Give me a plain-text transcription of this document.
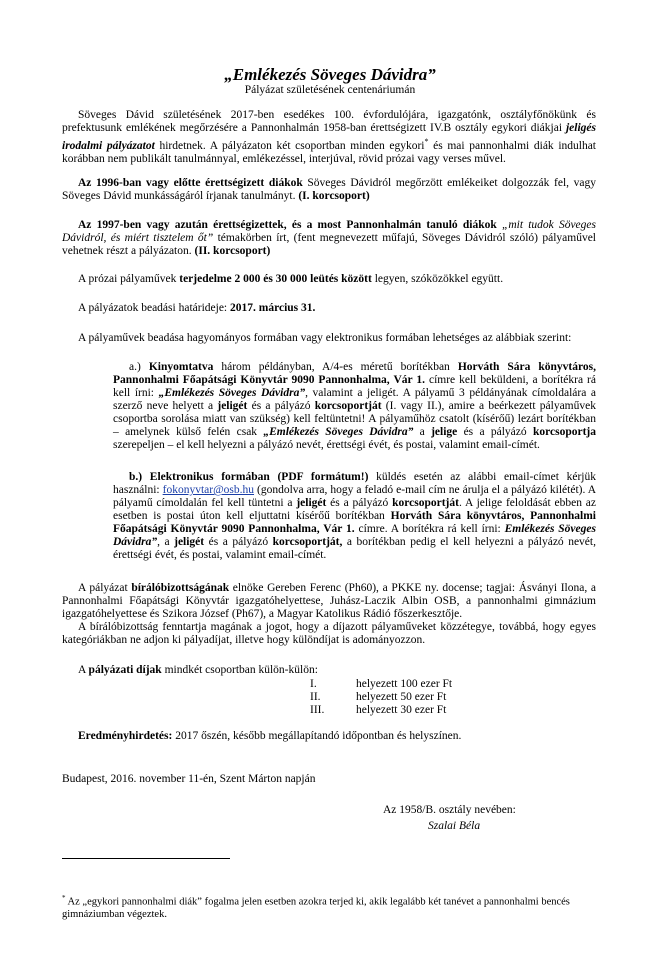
„Emlékezés Söveges Dávidra”
Pályázat születésének centenáriumán

Söveges Dávid születésének 2017-ben esedékes 100. évfordulójára, igazgatónk, osztályfőnökünk és prefektusunk emlékének megőrzésére a Pannonhalmán 1958-ban érettségizett IV.B osztály egykori diákjai jeligés irodalmi pályázatot hirdetnek. A pályázaton két csoportban minden egykori* és mai pannonhalmi diák indulhat korábban nem publikált tanulmánnyal, emlékezéssel, interjúval, rövid prózai vagy verses művel.

Az 1996-ban vagy előtte érettségizett diákok Söveges Dávidról megőrzött emlékeiket dolgozzák fel, vagy Söveges Dávid munkásságáról írjanak tanulmányt. (I. korcsoport)

Az 1997-ben vagy azután érettségizettek, és a most Pannonhalmán tanuló diákok „mit tudok Söveges Dávidról, és miért tisztelem őt” témakörben írt, (fent megnevezett műfajú, Söveges Dávidról szóló) pályaművel vehetnek részt a pályázaton. (II. korcsoport)

A prózai pályaművek terjedelme 2 000 és 30 000 leütés között legyen, szóközökkel együtt.

A pályázatok beadási határideje: 2017. március 31.

A pályaművek beadása hagyományos formában vagy elektronikus formában lehetséges az alábbiak szerint:

a.) Kinyomtatva három példányban, A/4-es méretű borítékban Horváth Sára könyvtáros, Pannonhalmi Főapátsági Könyvtár 9090 Pannonhalma, Vár 1. címre kell beküldeni, a borítékra rá kell írni: „Emlékezés Söveges Dávidra”, valamint a jeligét. A pályamű 3 példányának címoldalára a szerző neve helyett a jeligét és a pályázó korcsoportját (I. vagy II.), amire a beérkezett pályaművek csoportba sorolása miatt van szükség) kell feltüntetni! A pályaműhöz csatolt (kísérőű) lezárt borítékban – amelynek külső felén csak „Emlékezés Söveges Dávidra” a jelige és a pályázó korcsoportja szerepeljen – el kell helyezni a pályázó nevét, érettségi évét, és postai, valamint email-címét.

b.) Elektronikus formában (PDF formátum!) küldés esetén az alábbi email-címet kérjük használni: fokonyvtar@osb.hu (gondolva arra, hogy a feladó e-mail cím ne árulja el a pályázó kilétét). A pályamű címoldalán fel kell tüntetni a jeligét és a pályázó korcsoportját. A jelige feloldását ebben az esetben is postai úton kell eljuttatni kísérőű borítékban Horváth Sára könyvtáros, Pannonhalmi Főapátsági Könyvtár 9090 Pannonhalma, Vár 1. címre. A borítékra rá kell írni: Emlékezés Söveges Dávidra”, a jeligét és a pályázó korcsoportját, a borítékban pedig el kell helyezni a pályázó nevét, érettségi évét, és postai, valamint email-címét.

A pályázat bírálóbizottságának elnöke Gereben Ferenc (Ph60), a PKKE ny. docense; tagjai: Ásványi Ilona, a Pannonhalmi Főapátsági Könyvtár igazgatóhelyettese, Juhász-Laczik Albin OSB, a pannonhalmi gimnázium igazgatóhelyettese és Szikora József (Ph67), a Magyar Katolikus Rádió főszerkesztője.

A bírálóbizottság fenntartja magának a jogot, hogy a díjazott pályaműveket közzétegye, továbbá, hogy egyes kategóriákban ne adjon ki pályadíjat, illetve hogy különdíjat is adományozzon.

A pályázati díjak mindkét csoportban külön-külön:

I.	helyezett 100 ezer Ft
II.	helyezett 50 ezer Ft
III.	helyezett 30 ezer Ft

Eredményhirdetés: 2017 őszén, később megállapítandó időpontban és helyszínen.

Budapest, 2016. november 11-én, Szent Márton napján
Az 1958/B. osztály nevében:
Szalai Béla

* Az „egykori pannonhalmi diák” fogalma jelen esetben azokra terjed ki, akik legalább két tanévet a pannonhalmi bencés gimnáziumban végeztek.
